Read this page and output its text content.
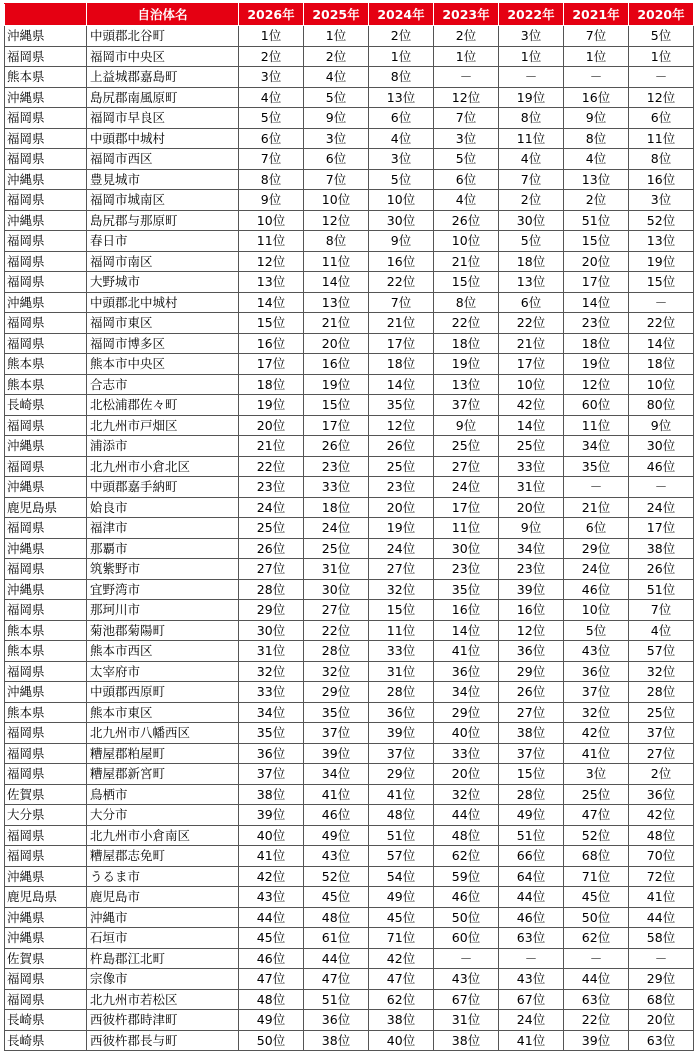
	自治体名	2026年	2025年	2024年	2023年	2022年	2021年	2020年
沖縄県	中頭郡北谷町	1位	1位	2位	2位	3位	7位	5位
福岡県	福岡市中央区	2位	2位	1位	1位	1位	1位	1位
熊本県	上益城郡嘉島町	3位	4位	8位	－	－	－	－
沖縄県	島尻郡南風原町	4位	5位	13位	12位	19位	16位	12位
福岡県	福岡市早良区	5位	9位	6位	7位	8位	9位	6位
福岡県	中頭郡中城村	6位	3位	4位	3位	11位	8位	11位
福岡県	福岡市西区	7位	6位	3位	5位	4位	4位	8位
沖縄県	豊見城市	8位	7位	5位	6位	7位	13位	16位
福岡県	福岡市城南区	9位	10位	10位	4位	2位	2位	3位
沖縄県	島尻郡与那原町	10位	12位	30位	26位	30位	51位	52位
福岡県	春日市	11位	8位	9位	10位	5位	15位	13位
福岡県	福岡市南区	12位	11位	16位	21位	18位	20位	19位
福岡県	大野城市	13位	14位	22位	15位	13位	17位	15位
沖縄県	中頭郡北中城村	14位	13位	7位	8位	6位	14位	－
福岡県	福岡市東区	15位	21位	21位	22位	22位	23位	22位
福岡県	福岡市博多区	16位	20位	17位	18位	21位	18位	14位
熊本県	熊本市中央区	17位	16位	18位	19位	17位	19位	18位
熊本県	合志市	18位	19位	14位	13位	10位	12位	10位
長崎県	北松浦郡佐々町	19位	15位	35位	37位	42位	60位	80位
福岡県	北九州市戸畑区	20位	17位	12位	9位	14位	11位	9位
沖縄県	浦添市	21位	26位	26位	25位	25位	34位	30位
福岡県	北九州市小倉北区	22位	23位	25位	27位	33位	35位	46位
沖縄県	中頭郡嘉手納町	23位	33位	23位	24位	31位	－	－
鹿児島県	姶良市	24位	18位	20位	17位	20位	21位	24位
福岡県	福津市	25位	24位	19位	11位	9位	6位	17位
沖縄県	那覇市	26位	25位	24位	30位	34位	29位	38位
福岡県	筑紫野市	27位	31位	27位	23位	23位	24位	26位
沖縄県	宜野湾市	28位	30位	32位	35位	39位	46位	51位
福岡県	那珂川市	29位	27位	15位	16位	16位	10位	7位
熊本県	菊池郡菊陽町	30位	22位	11位	14位	12位	5位	4位
熊本県	熊本市西区	31位	28位	33位	41位	36位	43位	57位
福岡県	太宰府市	32位	32位	31位	36位	29位	36位	32位
沖縄県	中頭郡西原町	33位	29位	28位	34位	26位	37位	28位
熊本県	熊本市東区	34位	35位	36位	29位	27位	32位	25位
福岡県	北九州市八幡西区	35位	37位	39位	40位	38位	42位	37位
福岡県	糟屋郡粕屋町	36位	39位	37位	33位	37位	41位	27位
福岡県	糟屋郡新宮町	37位	34位	29位	20位	15位	3位	2位
佐賀県	鳥栖市	38位	41位	41位	32位	28位	25位	36位
大分県	大分市	39位	46位	48位	44位	49位	47位	42位
福岡県	北九州市小倉南区	40位	49位	51位	48位	51位	52位	48位
福岡県	糟屋郡志免町	41位	43位	57位	62位	66位	68位	70位
沖縄県	うるま市	42位	52位	54位	59位	64位	71位	72位
鹿児島県	鹿児島市	43位	45位	49位	46位	44位	45位	41位
沖縄県	沖縄市	44位	48位	45位	50位	46位	50位	44位
沖縄県	石垣市	45位	61位	71位	60位	63位	62位	58位
佐賀県	杵島郡江北町	46位	44位	42位	－	－	－	－
福岡県	宗像市	47位	47位	47位	43位	43位	44位	29位
福岡県	北九州市若松区	48位	51位	62位	67位	67位	63位	68位
長崎県	西彼杵郡時津町	49位	36位	38位	31位	24位	22位	20位
長崎県	西彼杵郡長与町	50位	38位	40位	38位	41位	39位	63位
